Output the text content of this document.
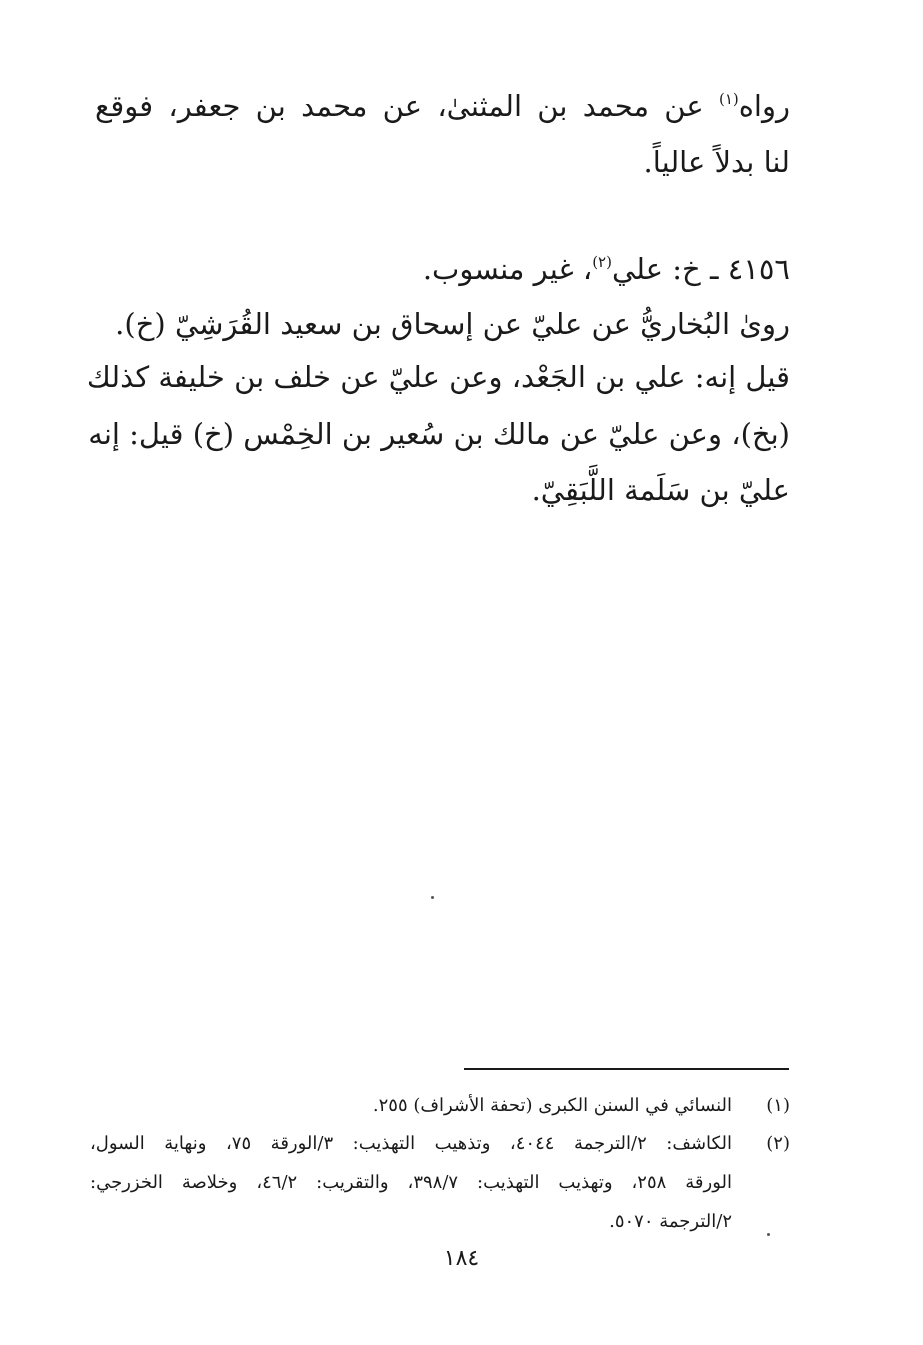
رواه$^{(١)}$ عن محمد بن المثنىٰ، عن محمد بن جعفر، فوقع
لنا بدلاً عالياً.
٤١٥٦ ـ خ: علي$^{(٢)}$، غير منسوب.
روىٰ البُخاريُّ عن عليّ عن إسحاق بن سعيد القُرَشِيّ (خ).
قيل إنه: علي بن الجَعْد، وعن عليّ عن خلف بن خليفة كذلك
(بخ)، وعن عليّ عن مالك بن سُعير بن الخِمْس (خ) قيل: إنه
عليّ بن سَلَمة اللَّبَقِيّ.
(١)
النسائي في السنن الكبرى (تحفة الأشراف) ٢٥٥.
(٢)
الكاشف: ٢/الترجمة ٤٠٤٤، وتذهيب التهذيب: ٣/الورقة ٧٥، ونهاية السول،
الورقة ٢٥٨، وتهذيب التهذيب: ٣٩٨/٧، والتقريب: ٤٦/٢، وخلاصة الخزرجي:
٢/الترجمة ٥٠٧٠.
١٨٤
